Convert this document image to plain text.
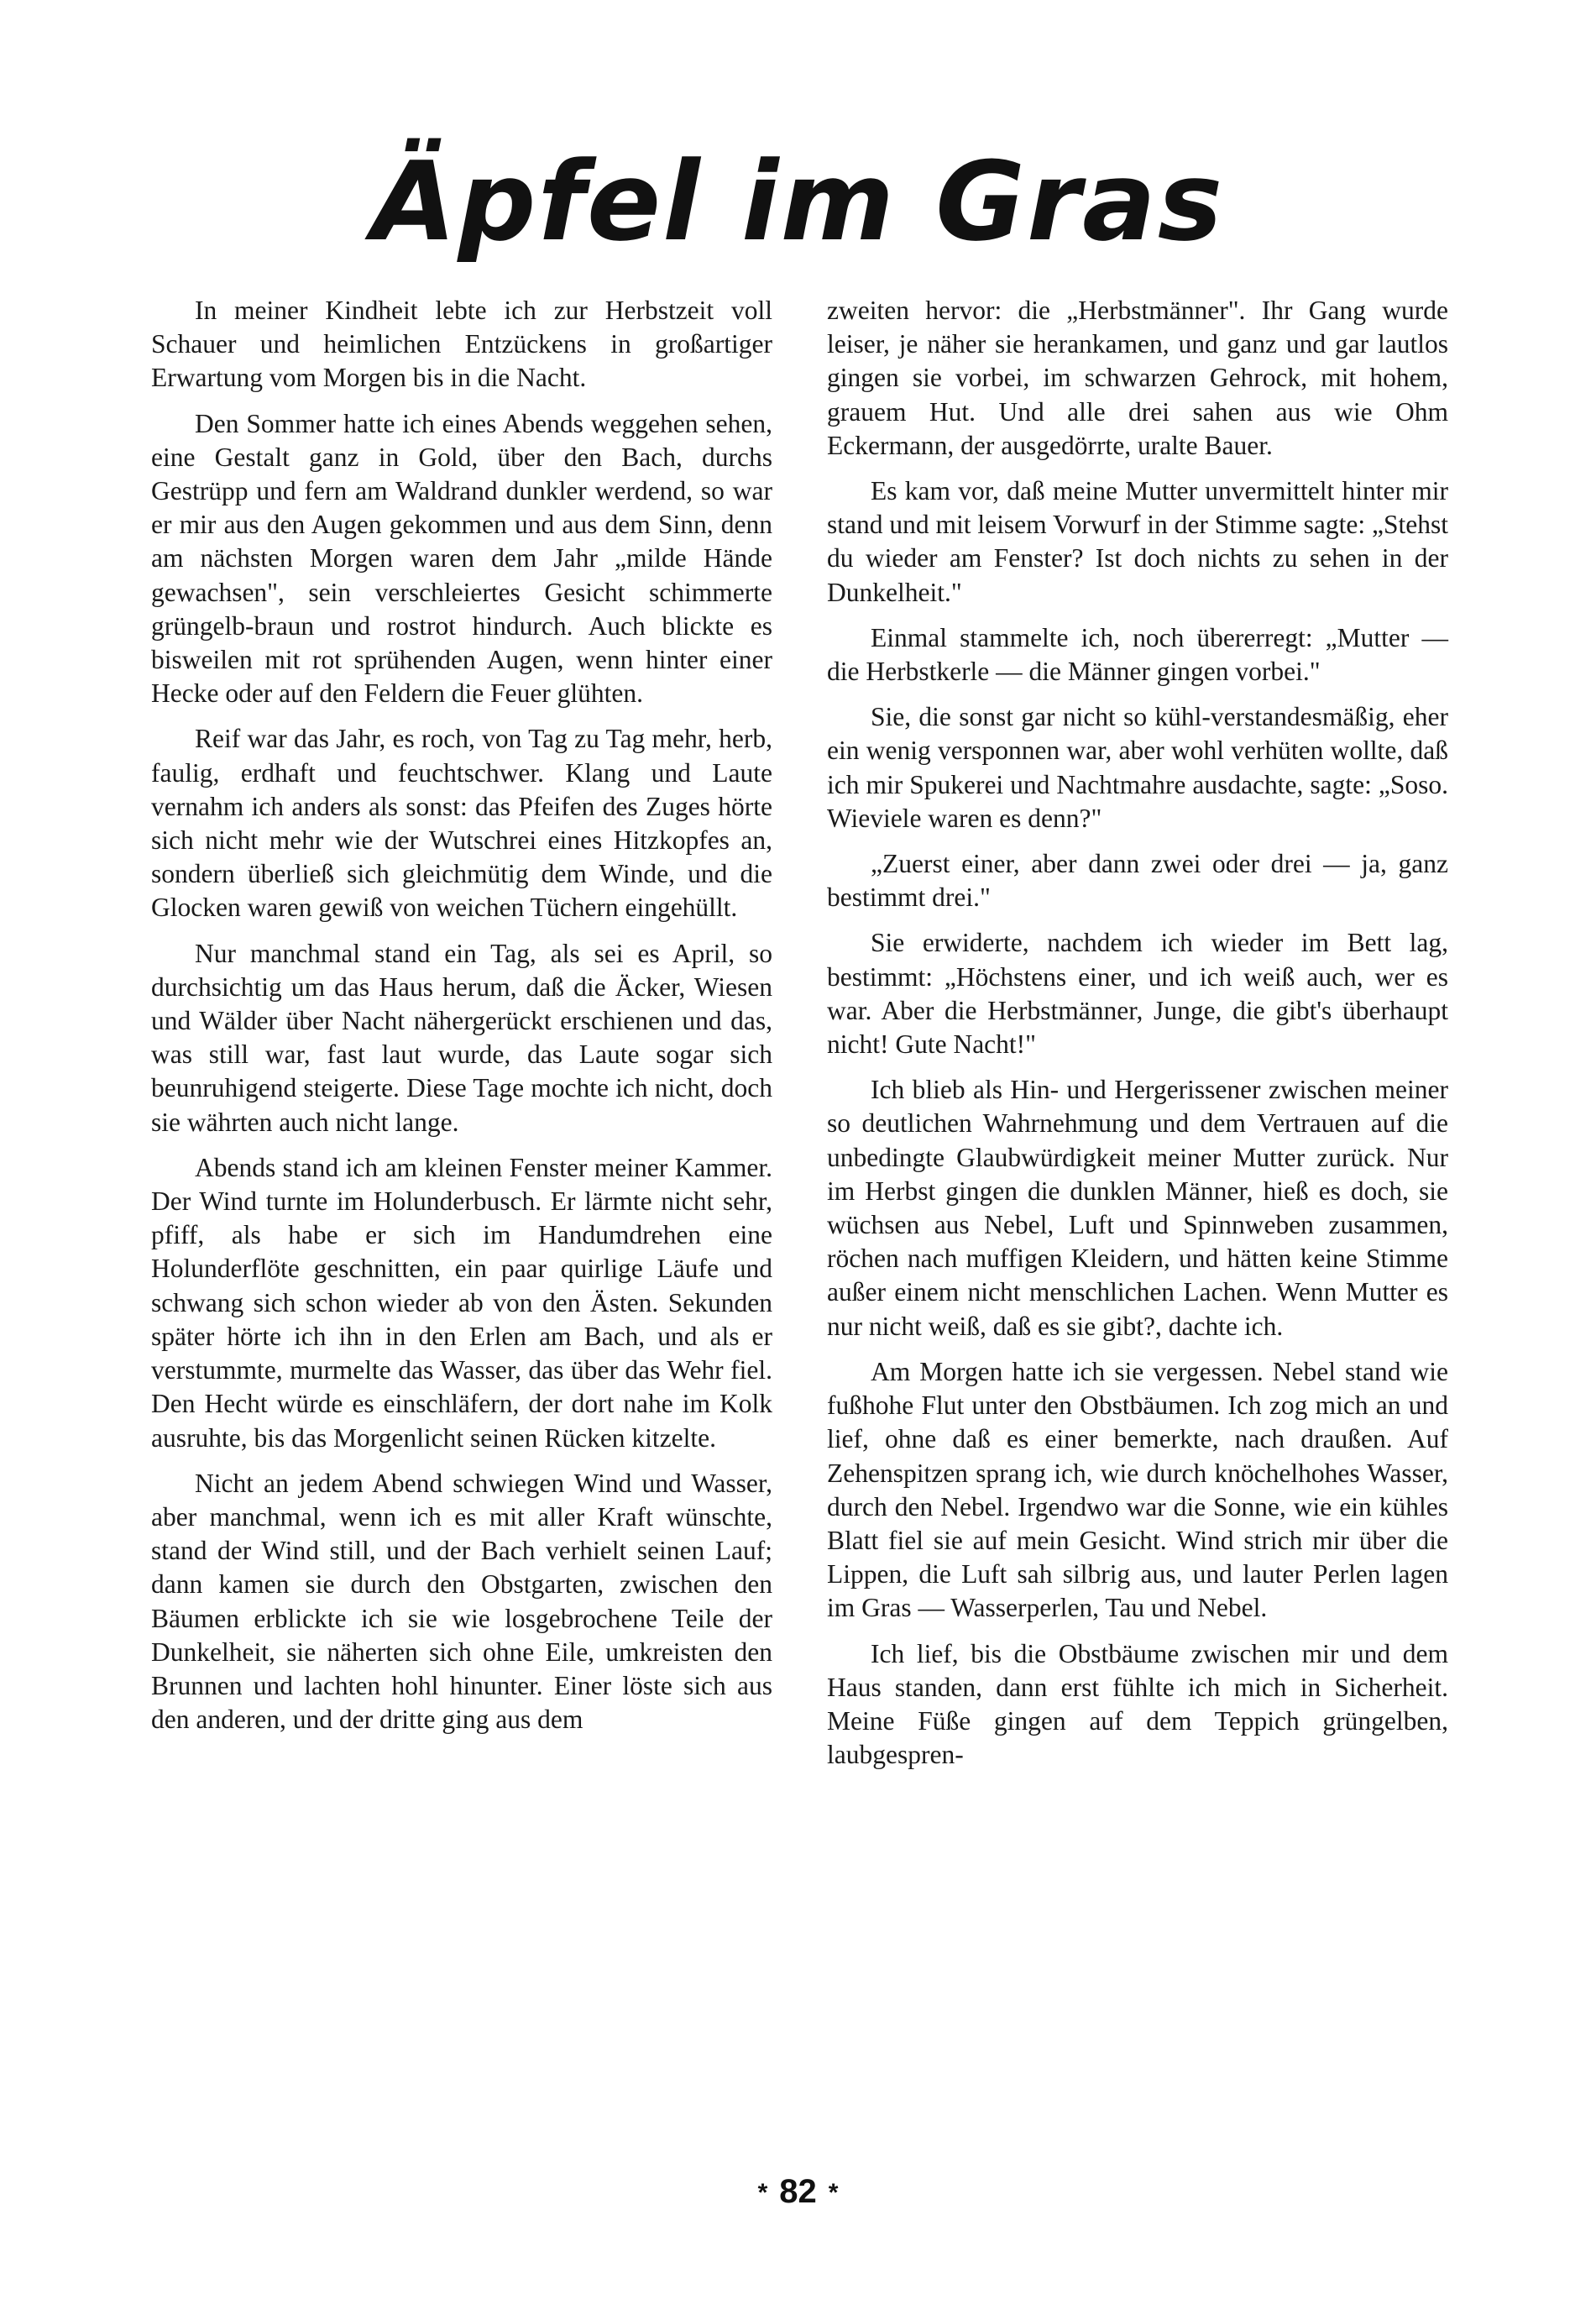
Äpfel im Gras

In meiner Kindheit lebte ich zur Herbstzeit voll Schauer und heimlichen Entzückens in großartiger Erwartung vom Morgen bis in die Nacht.

Den Sommer hatte ich eines Abends weggehen sehen, eine Gestalt ganz in Gold, über den Bach, durchs Gestrüpp und fern am Waldrand dunkler werdend, so war er mir aus den Augen gekommen und aus dem Sinn, denn am nächsten Morgen waren dem Jahr „milde Hände gewachsen", sein verschleiertes Gesicht schimmerte grüngelb-braun und rostrot hindurch. Auch blickte es bisweilen mit rot sprühenden Augen, wenn hinter einer Hecke oder auf den Feldern die Feuer glühten.

Reif war das Jahr, es roch, von Tag zu Tag mehr, herb, faulig, erdhaft und feuchtschwer. Klang und Laute vernahm ich anders als sonst: das Pfeifen des Zuges hörte sich nicht mehr wie der Wutschrei eines Hitzkopfes an, sondern überließ sich gleichmütig dem Winde, und die Glocken waren gewiß von weichen Tüchern eingehüllt.

Nur manchmal stand ein Tag, als sei es April, so durchsichtig um das Haus herum, daß die Äcker, Wiesen und Wälder über Nacht nähergerückt erschienen und das, was still war, fast laut wurde, das Laute sogar sich beunruhigend steigerte. Diese Tage mochte ich nicht, doch sie währten auch nicht lange.

Abends stand ich am kleinen Fenster meiner Kammer. Der Wind turnte im Holunderbusch. Er lärmte nicht sehr, pfiff, als habe er sich im Handumdrehen eine Holunderflöte geschnitten, ein paar quirlige Läufe und schwang sich schon wieder ab von den Ästen. Sekunden später hörte ich ihn in den Erlen am Bach, und als er verstummte, murmelte das Wasser, das über das Wehr fiel. Den Hecht würde es einschläfern, der dort nahe im Kolk ausruhte, bis das Morgenlicht seinen Rücken kitzelte.

Nicht an jedem Abend schwiegen Wind und Wasser, aber manchmal, wenn ich es mit aller Kraft wünschte, stand der Wind still, und der Bach verhielt seinen Lauf; dann kamen sie durch den Obstgarten, zwischen den Bäumen erblickte ich sie wie losgebrochene Teile der Dunkelheit, sie näherten sich ohne Eile, umkreisten den Brunnen und lachten hohl hinunter. Einer löste sich aus den anderen, und der dritte ging aus dem

zweiten hervor: die „Herbstmänner". Ihr Gang wurde leiser, je näher sie herankamen, und ganz und gar lautlos gingen sie vorbei, im schwarzen Gehrock, mit hohem, grauem Hut. Und alle drei sahen aus wie Ohm Eckermann, der ausgedörrte, uralte Bauer.

Es kam vor, daß meine Mutter unvermittelt hinter mir stand und mit leisem Vorwurf in der Stimme sagte: „Stehst du wieder am Fenster? Ist doch nichts zu sehen in der Dunkelheit."

Einmal stammelte ich, noch übererregt: „Mutter — die Herbstkerle — die Männer gingen vorbei."

Sie, die sonst gar nicht so kühl-verstandesmäßig, eher ein wenig versponnen war, aber wohl verhüten wollte, daß ich mir Spukerei und Nachtmahre ausdachte, sagte: „Soso. Wieviele waren es denn?"

„Zuerst einer, aber dann zwei oder drei — ja, ganz bestimmt drei."

Sie erwiderte, nachdem ich wieder im Bett lag, bestimmt: „Höchstens einer, und ich weiß auch, wer es war. Aber die Herbstmänner, Junge, die gibt's überhaupt nicht! Gute Nacht!"

Ich blieb als Hin- und Hergerissener zwischen meiner so deutlichen Wahrnehmung und dem Vertrauen auf die unbedingte Glaubwürdigkeit meiner Mutter zurück. Nur im Herbst gingen die dunklen Männer, hieß es doch, sie wüchsen aus Nebel, Luft und Spinnweben zusammen, röchen nach muffigen Kleidern, und hätten keine Stimme außer einem nicht menschlichen Lachen. Wenn Mutter es nur nicht weiß, daß es sie gibt?, dachte ich.

Am Morgen hatte ich sie vergessen. Nebel stand wie fußhohe Flut unter den Obstbäumen. Ich zog mich an und lief, ohne daß es einer bemerkte, nach draußen. Auf Zehenspitzen sprang ich, wie durch knöchelhohes Wasser, durch den Nebel. Irgendwo war die Sonne, wie ein kühles Blatt fiel sie auf mein Gesicht. Wind strich mir über die Lippen, die Luft sah silbrig aus, und lauter Perlen lagen im Gras — Wasserperlen, Tau und Nebel.

Ich lief, bis die Obstbäume zwischen mir und dem Haus standen, dann erst fühlte ich mich in Sicherheit. Meine Füße gingen auf dem Teppich grüngelben, laubgespren-

* 82 *
